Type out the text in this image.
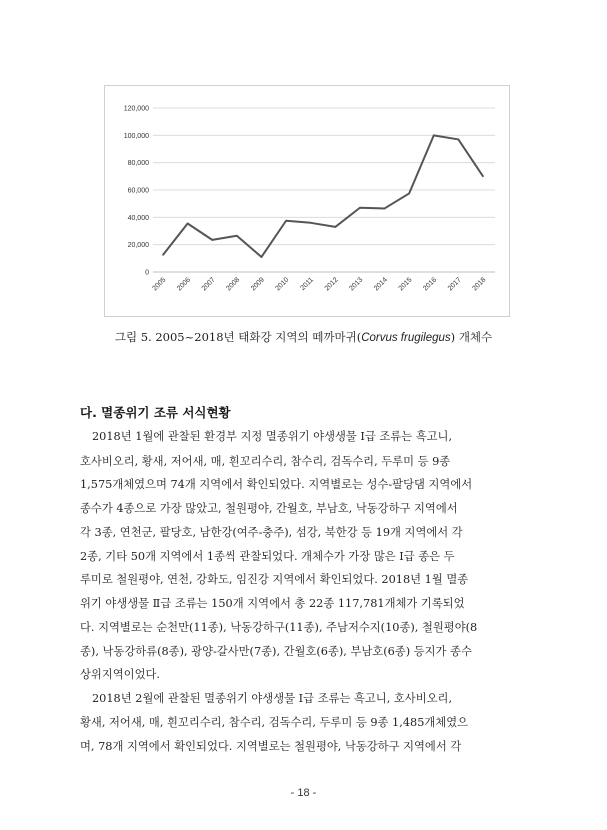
0
20,000
40,000
60,000
80,000
100,000
120,000
2005 2006 2007 2008 2009 2010 2011 2012 2013 2014 2015 2016 2017 2018
그림 5. 2005~2018년 태화강 지역의 떼까마귀(Corvus frugilegus) 개체수
다. 멸종위기 조류 서식현황
2018년 1월에 관찰된 환경부 지정 멸종위기 야생생물 Ⅰ급 조류는 흑고니,
호사비오리, 황새, 저어새, 매, 흰꼬리수리, 참수리, 검독수리, 두루미 등 9종
1,575개체였으며 74개 지역에서 확인되었다. 지역별로는 성수-팔당댐 지역에서
종수가 4종으로 가장 많았고, 철원평야, 간월호, 부남호, 낙동강하구 지역에서
각 3종, 연천군, 팔당호, 남한강(여주-충주), 섬강, 북한강 등 19개 지역에서 각
2종, 기타 50개 지역에서 1종씩 관찰되었다. 개체수가 가장 많은 Ⅰ급 종은 두
루미로 철원평야, 연천, 강화도, 임진강 지역에서 확인되었다. 2018년 1월 멸종
위기 야생생물 Ⅱ급 조류는 150개 지역에서 총 22종 117,781개체가 기록되었
다. 지역별로는 순천만(11종), 낙동강하구(11종), 주남저수지(10종), 철원평야(8
종), 낙동강하류(8종), 광양-갈사만(7종), 간월호(6종), 부남호(6종) 등지가 종수
상위지역이었다.
2018년 2월에 관찰된 멸종위기 야생생물 Ⅰ급 조류는 흑고니, 호사비오리,
황새, 저어새, 매, 흰꼬리수리, 참수리, 검독수리, 두루미 등 9종 1,485개체였으
며, 78개 지역에서 확인되었다. 지역별로는 철원평야, 낙동강하구 지역에서 각
- 18 -
